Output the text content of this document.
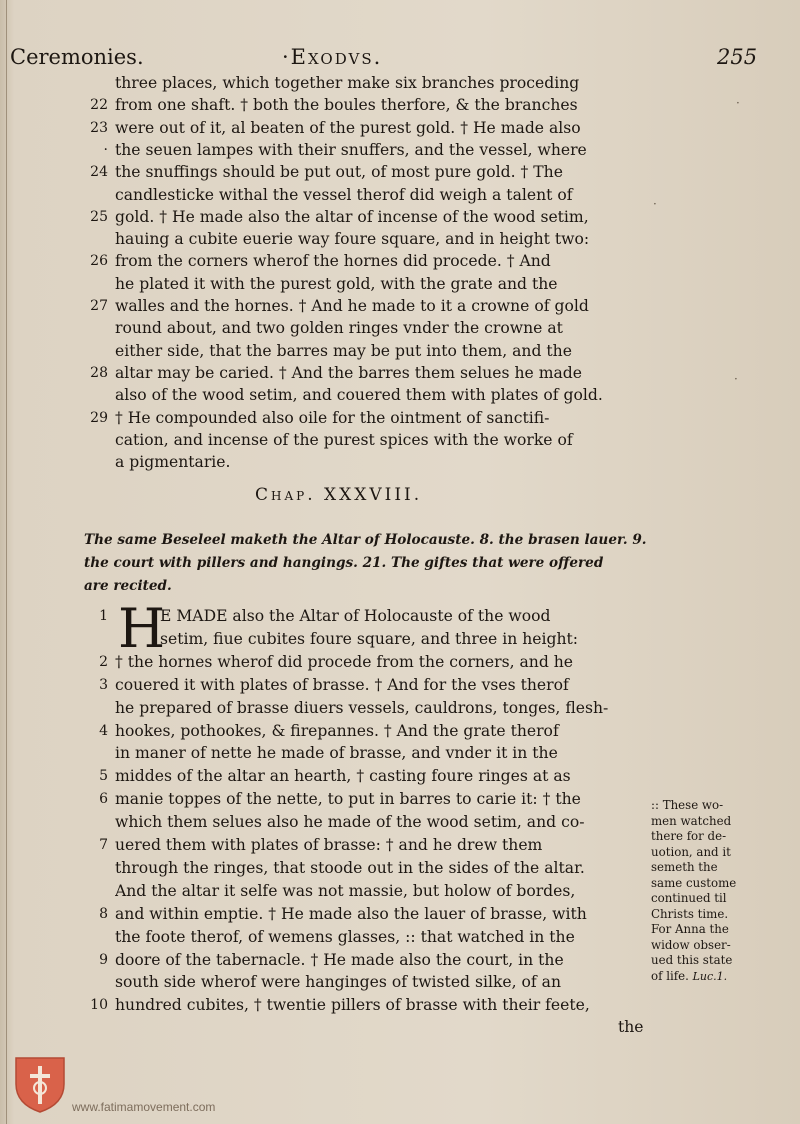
Ceremonies.	·Exodvs.	255
three places, which together make six branches proceding
22 from one shaft. † both the boules therfore, & the branches
23 were out of it, al beaten of the purest gold. † He made also
· the seuen lampes with their snuffers, and the vessel, where
24 the snuffings should be put out, of most pure gold. † The
candlesticke withal the vessel therof did weigh a talent of
25 gold. † He made also the altar of incense of the wood setim,
hauing a cubite euerie way foure square, and in height two:
26 from the corners wherof the hornes did procede. † And
he plated it with the purest gold, with the grate and the
27 walles and the hornes. † And he made to it a crowne of gold
round about, and two golden ringes vnder the crowne at
either side, that the barres may be put into them, and the
28 altar may be caried. † And the barres them selues he made
also of the wood setim, and couered them with plates of gold.
29 † He compounded also oile for the ointment of sanctifi-
cation, and incense of the purest spices with the worke of
a pigmentarie.
Chap. XXXVIII.
The same Beseleel maketh the Altar of Holocauste. 8. the brasen lauer. 9.
the court with pillers and hangings. 21. The giftes that were offered
are recited.
H
1	E MADE also the Altar of Holocauste of the wood
setim, fiue cubites foure square, and three in height:
2 † the hornes wherof did procede from the corners, and he
3 couered it with plates of brasse. † And for the vses therof
he prepared of brasse diuers vessels, cauldrons, tonges, flesh-
4 hookes, pothookes, & firepannes. † And the grate therof
in maner of nette he made of brasse, and vnder it in the
5 middes of the altar an hearth, † casting foure ringes at as
6 manie toppes of the nette, to put in barres to carie it: † the
which them selues also he made of the wood setim, and co-
7 uered them with plates of brasse: † and he drew them
through the ringes, that stoode out in the sides of the altar.
And the altar it selfe was not massie, but holow of bordes,
8 and within emptie. † He made also the lauer of brasse, with
the foote therof, of wemens glasses, :: that watched in the
9 doore of the tabernacle. † He made also the court, in the
south side wherof were hanginges of twisted silke, of an
10 hundred cubites, † twentie pillers of brasse with their feete,
:: These wo-
men watched
there for de-
uotion, and it
semeth the
same custome
continued til
Christs time.
For Anna the
widow obser-
ued this state
of life. Luc.1.
the
·
·
·
www.fatimamovement.com
